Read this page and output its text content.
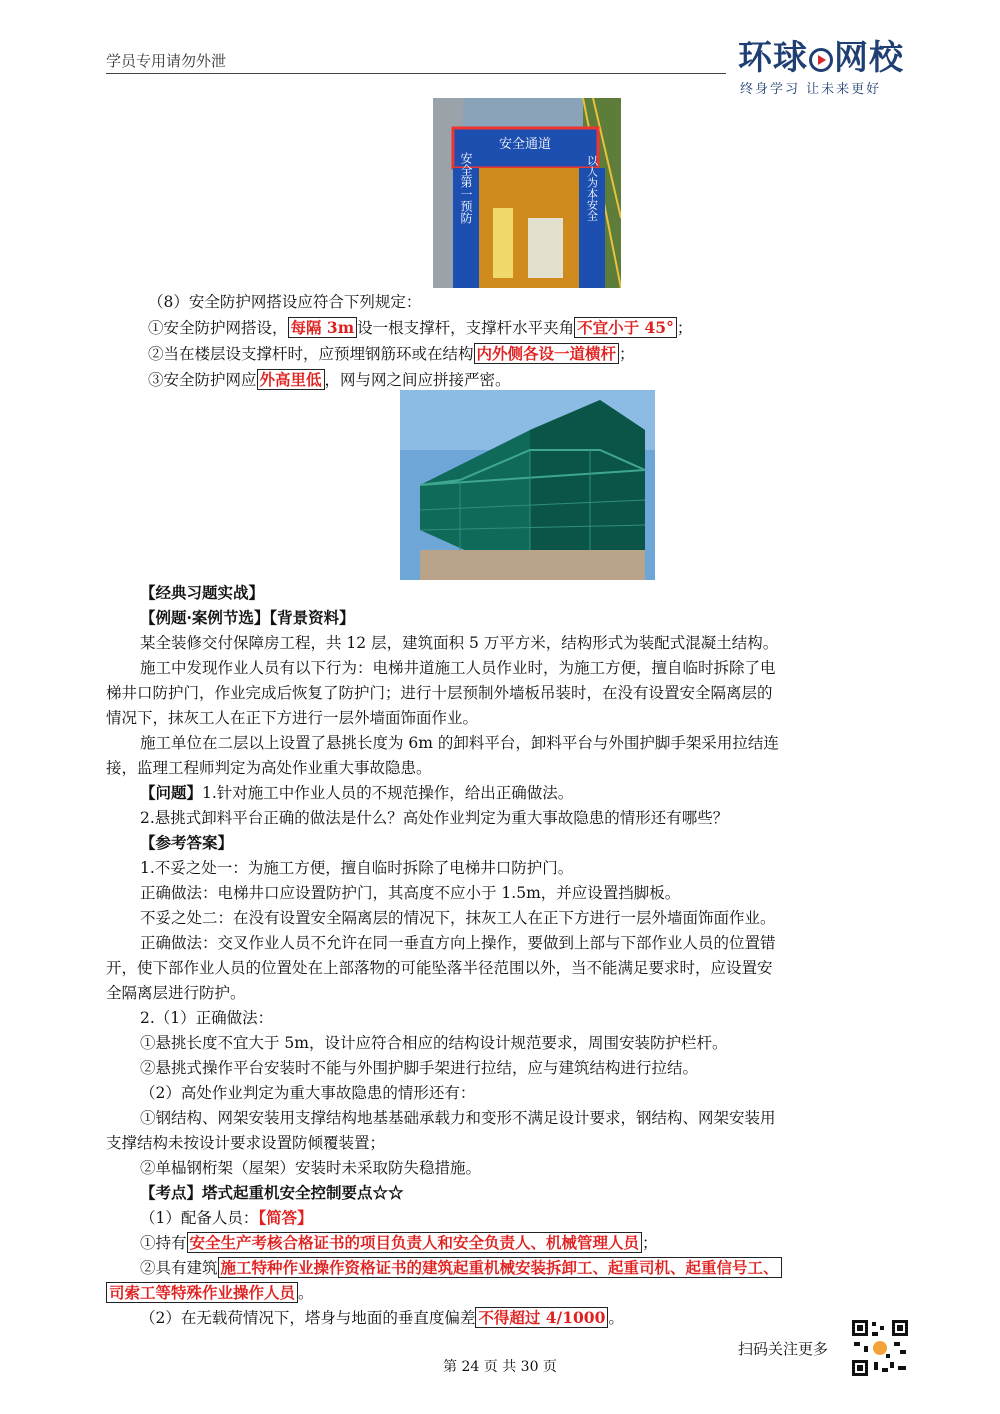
学员专用请勿外泄	环球 网校
终身学习 让未来更好
安全通道
安全第一预防	以人为本安全
（8）安全防护网搭设应符合下列规定：
①安全防护网搭设， 每隔 3m 设一根支撑杆，支撑杆水平夹角 不宜小于 45° ；
②当在楼层设支撑杆时，应预埋钢筋环或在结构 内外侧各设一道横杆 ；
③安全防护网应 外高里低 ，网与网之间应拼接严密。
【经典习题实战】
【例题·案例节选】【背景资料】
某全装修交付保障房工程，共 12 层，建筑面积 5 万平方米，结构形式为装配式混凝土结构。
施工中发现作业人员有以下行为：电梯井道施工人员作业时，为施工方便，擅自临时拆除了电
梯井口防护门，作业完成后恢复了防护门；进行十层预制外墙板吊装时，在没有设置安全隔离层的
情况下，抹灰工人在正下方进行一层外墙面饰面作业。
施工单位在二层以上设置了悬挑长度为 6m 的卸料平台，卸料平台与外围护脚手架采用拉结连
接，监理工程师判定为高处作业重大事故隐患。
【问题】1.针对施工中作业人员的不规范操作，给出正确做法。
2.悬挑式卸料平台正确的做法是什么？高处作业判定为重大事故隐患的情形还有哪些？
【参考答案】
1.不妥之处一：为施工方便，擅自临时拆除了电梯井口防护门。
正确做法：电梯井口应设置防护门，其高度不应小于 1.5m，并应设置挡脚板。
不妥之处二：在没有设置安全隔离层的情况下，抹灰工人在正下方进行一层外墙面饰面作业。
正确做法：交叉作业人员不允许在同一垂直方向上操作，要做到上部与下部作业人员的位置错
开，使下部作业人员的位置处在上部落物的可能坠落半径范围以外，当不能满足要求时，应设置安
全隔离层进行防护。
2.（1）正确做法：
①悬挑长度不宜大于 5m，设计应符合相应的结构设计规范要求，周围安装防护栏杆。
②悬挑式操作平台安装时不能与外围护脚手架进行拉结，应与建筑结构进行拉结。
（2）高处作业判定为重大事故隐患的情形还有：
①钢结构、网架安装用支撑结构地基基础承载力和变形不满足设计要求，钢结构、网架安装用
支撑结构未按设计要求设置防倾覆装置；
②单榀钢桁架（屋架）安装时未采取防失稳措施。
【考点】塔式起重机安全控制要点☆☆
（1）配备人员：【简答】
①持有 安全生产考核合格证书的项目负责人和安全负责人、机械管理人员 ；
②具有建筑 施工特种作业操作资格证书的建筑起重机械安装拆卸工、起重司机、起重信号工、
司索工等特殊作业操作人员 。
（2）在无载荷情况下，塔身与地面的垂直度偏差 不得超过 4/1000 。
扫码关注更多
第 24 页 共 30 页
